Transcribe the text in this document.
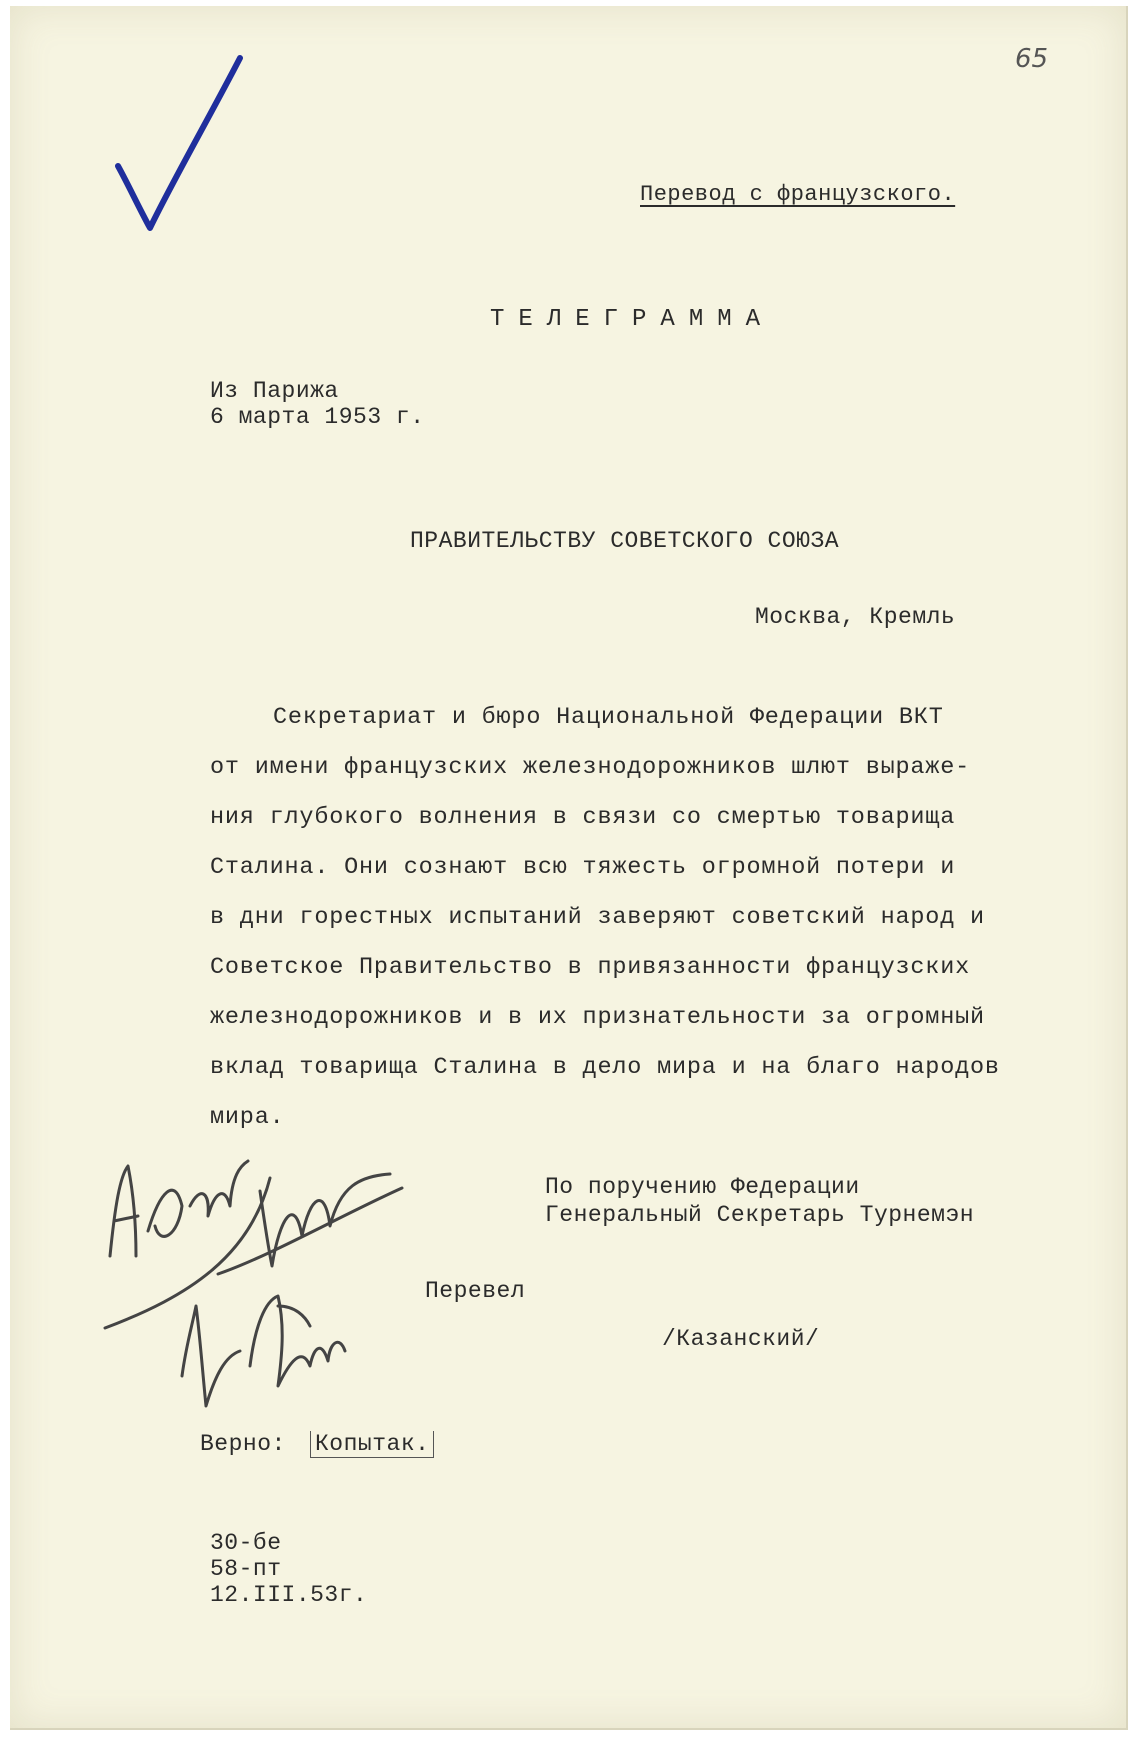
65
Перевод с французского.
ТЕЛЕГРАММА
Из Парижа
6 марта 1953 г.
ПРАВИТЕЛЬСТВУ СОВЕТСКОГО СОЮЗА
Москва, Кремль
Секретариат и бюро Национальной Федерации ВКТ
от имени французских железнодорожников шлют выраже-
ния глубокого волнения в связи со смертью товарища
Сталина. Они сознают всю тяжесть огромной потери и
в дни горестных испытаний заверяют советский народ и
Советское Правительство в привязанности французских
железнодорожников и в их признательности за огромный
вклад товарища Сталина в дело мира и на благо народов
мира.
По поручению Федерации
Генеральный Секретарь Турнемэн
Перевел
/Казанский/
Верно: Копытак.
30-бе
58-пт
12.III.53г.
